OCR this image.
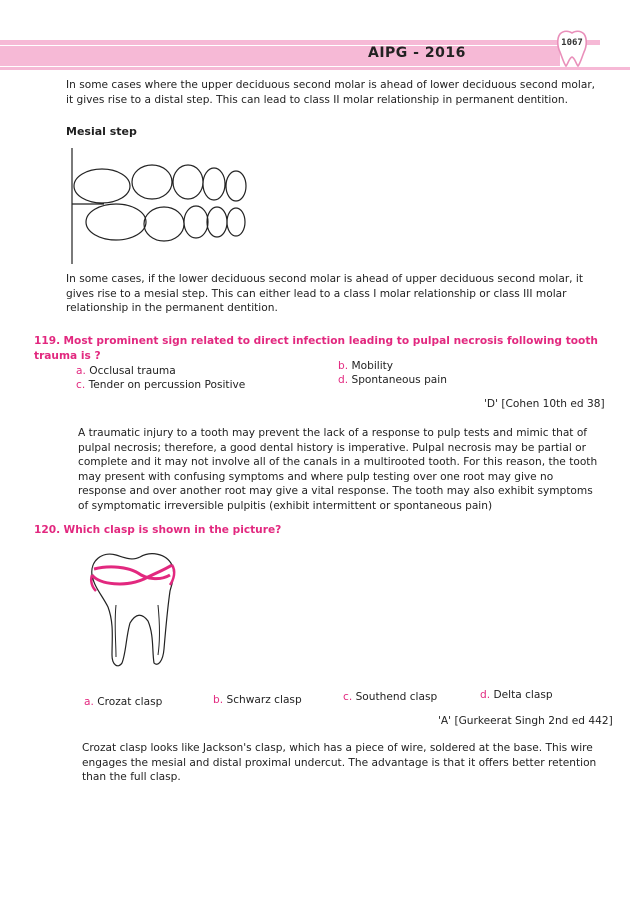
AIPG - 2016
1067
In some cases where the upper deciduous second molar is ahead of lower deciduous second molar, it gives rise to a distal step. This can lead to class II molar relationship in permanent dentition.
Mesial step
In some cases, if the lower deciduous second molar is ahead of upper deciduous second molar, it gives rise to a mesial step. This can either lead to a class I molar relationship or class III molar relationship in the permanent dentition.
119. Most prominent sign related to direct infection leading to pulpal necrosis following tooth trauma is ?
a. Occlusal trauma	b. Mobility
c. Tender on percussion Positive	d. Spontaneous pain
'D' [Cohen 10th ed 38]
A traumatic injury to a tooth may prevent the lack of a response to pulp tests and mimic that of pulpal necrosis; therefore, a good dental history is imperative. Pulpal necrosis may be partial or complete and it may not involve all of the canals in a multirooted tooth. For this reason, the tooth may present with confusing symptoms and where pulp testing over one root may give no response and over another root may give a vital response. The tooth may also exhibit symptoms of symptomatic irreversible pulpitis (exhibit intermittent or spontaneous pain)
120. Which clasp is shown in the picture?
a. Crozat clasp	b. Schwarz clasp	c. Southend clasp	d. Delta clasp
'A' [Gurkeerat Singh 2nd ed 442]
Crozat clasp looks like Jackson's clasp, which has a piece of wire, soldered at the base. This wire engages the mesial and distal proximal undercut. The advantage is that it offers better retention than the full clasp.
